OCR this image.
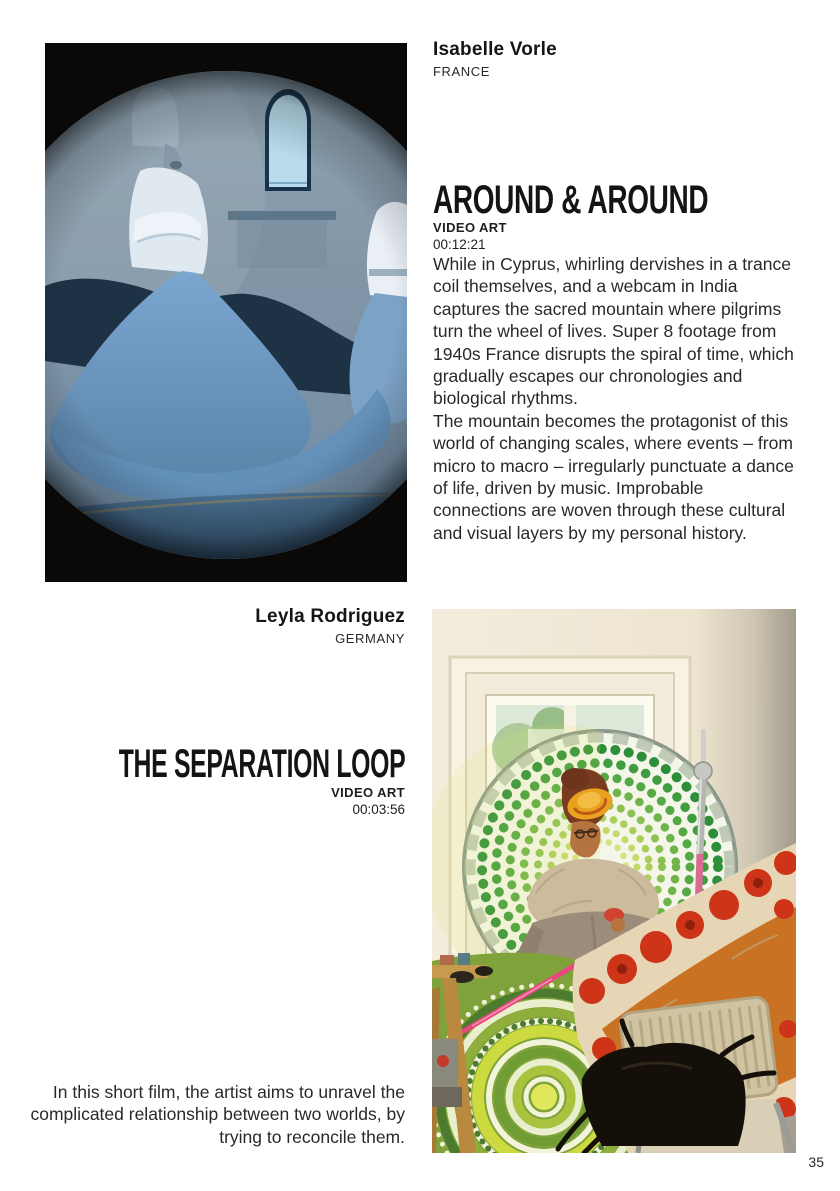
Isabelle Vorle
FRANCE
AROUND & AROUND
VIDEO ART
00:12:21

While in Cyprus, whirling dervishes in a trance coil themselves, and a webcam in India captures the sacred mountain where pilgrims turn the wheel of lives. Super 8 footage from 1940s France disrupts the spiral of time, which gradually escapes our chronologies and biological rhythms.

The mountain becomes the protagonist of this world of changing scales, where events – from micro to macro – irregularly punctuate a dance of life, driven by music. Improbable connections are woven through these cultural and visual layers by my personal history.

Leyla Rodriguez
GERMANY
THE SEPARATION LOOP
VIDEO ART
00:03:56

In this short film, the artist aims to unravel the complicated relationship between two worlds, by trying to reconcile them.

35
